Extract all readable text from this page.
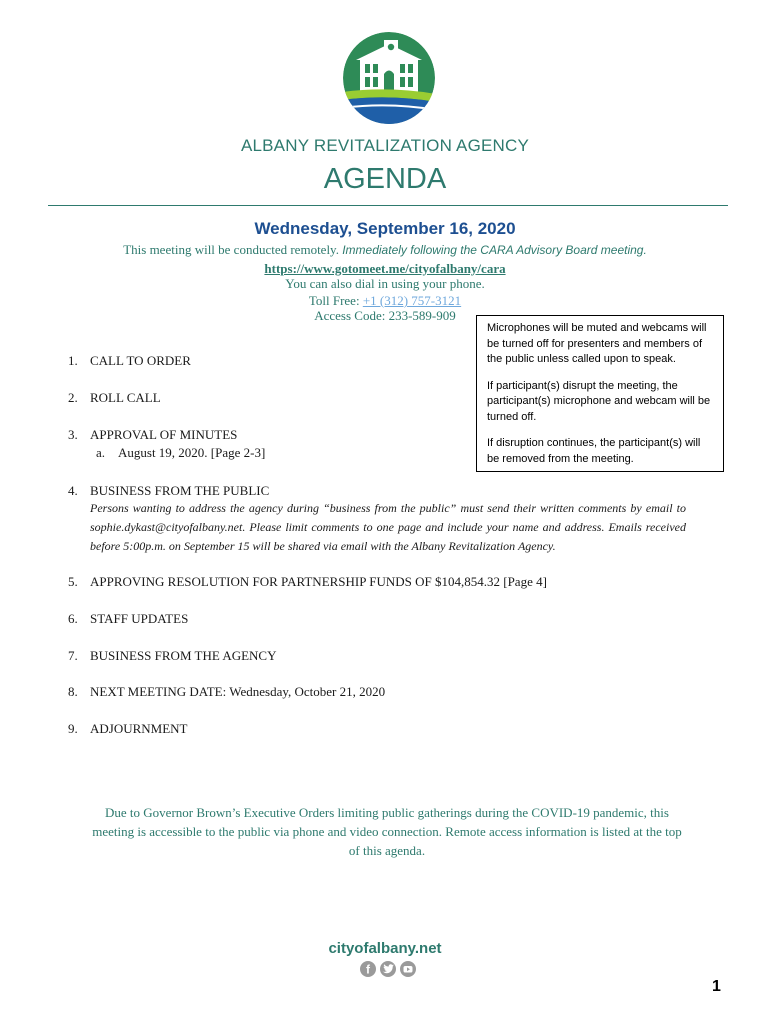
ALBANY REVITALIZATION AGENCY
AGENDA
Wednesday, September 16, 2020
This meeting will be conducted remotely. Immediately following the CARA Advisory Board meeting.
https://www.gotomeet.me/cityofalbany/cara
You can also dial in using your phone.
Toll Free: +1 (312) 757-3121
Access Code: 233-589-909

Microphones will be muted and webcams will be turned off for presenters and members of the public unless called upon to speak.

If participant(s) disrupt the meeting, the participant(s) microphone and webcam will be turned off.

If disruption continues, the participant(s) will be removed from the meeting.

1. CALL TO ORDER
2. ROLL CALL
3. APPROVAL OF MINUTES
a. August 19, 2020. [Page 2-3]
4. BUSINESS FROM THE PUBLIC
Persons wanting to address the agency during “business from the public” must send their written comments by email to sophie.dykast@cityofalbany.net. Please limit comments to one page and include your name and address. Emails received before 5:00p.m. on September 15 will be shared via email with the Albany Revitalization Agency.
5. APPROVING RESOLUTION FOR PARTNERSHIP FUNDS OF $104,854.32 [Page 4]
6. STAFF UPDATES
7. BUSINESS FROM THE AGENCY
8. NEXT MEETING DATE: Wednesday, October 21, 2020
9. ADJOURNMENT
Due to Governor Brown’s Executive Orders limiting public gatherings during the COVID-19 pandemic, this meeting is accessible to the public via phone and video connection. Remote access information is listed at the top of this agenda.
cityofalbany.net
f
1
